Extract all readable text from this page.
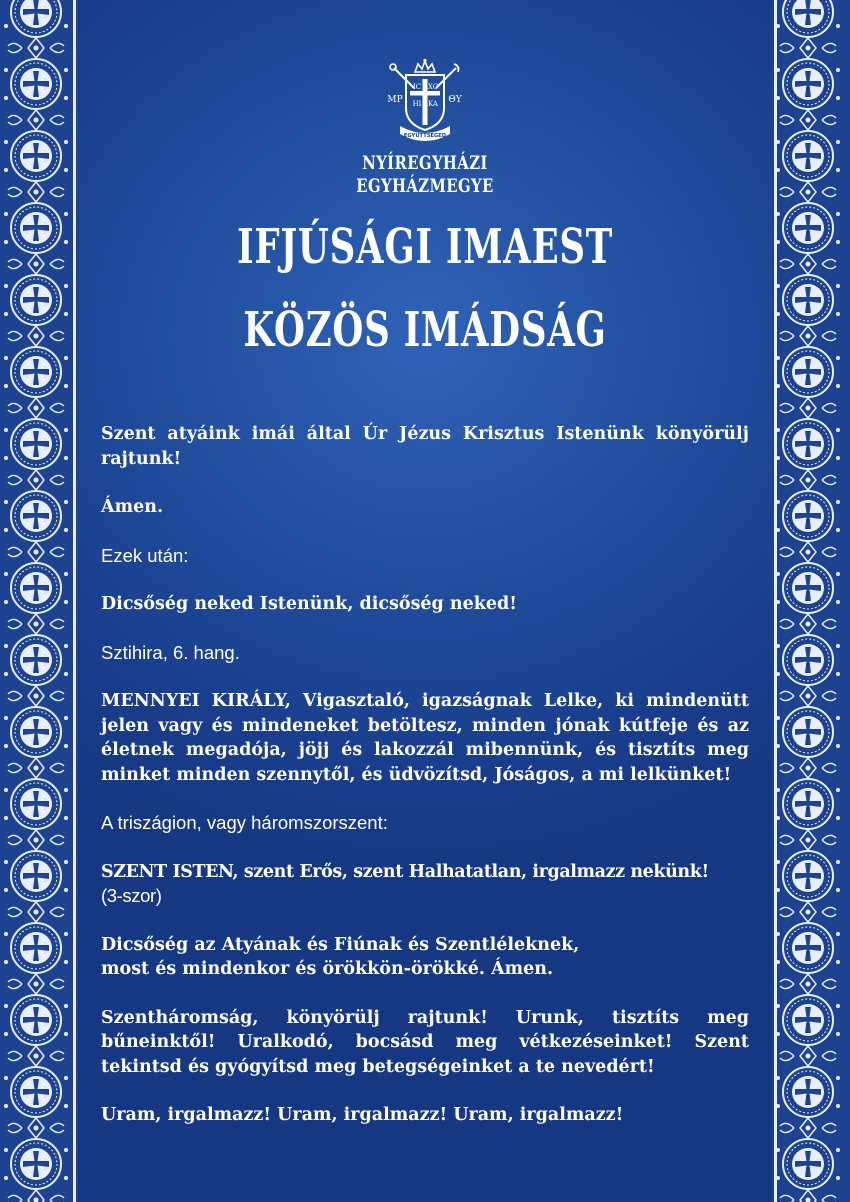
IC XC
HI KA
MP	ΘY
EGYÜTTSÉGED
NYÍREGYHÁZI
EGYHÁZMEGYE
IFJÚSÁGI IMAEST
KÖZÖS IMÁDSÁG

Szent atyáink imái által Úr Jézus Krisztus Istenünk könyörülj rajtunk!

Ámen.

Ezek után:

Dicsőség neked Istenünk, dicsőség neked!

Sztihira, 6. hang.

MENNYEI KIRÁLY, Vigasztaló, igazságnak Lelke, ki mindenütt jelen vagy és mindeneket betöltesz, minden jónak kútfeje és az életnek megadója, jöjj és lakozzál mibennünk, és tisztíts meg minket minden szennytől, és üdvözítsd, Jóságos, a mi lelkünket!

A triszágion, vagy háromszorszent:

SZENT ISTEN, szent Erős, szent Halhatatlan, irgalmazz nekünk!
(3-szor)

Dicsőség az Atyának és Fiúnak és Szentléleknek,
most és mindenkor és örökkön-örökké. Ámen.

Szentháromság, könyörülj rajtunk! Urunk, tisztíts meg bűneinktől! Uralkodó, bocsásd meg vétkezéseinket! Szent tekintsd és gyógyítsd meg betegségeinket a te nevedért!

Uram, irgalmazz! Uram, irgalmazz! Uram, irgalmazz!
